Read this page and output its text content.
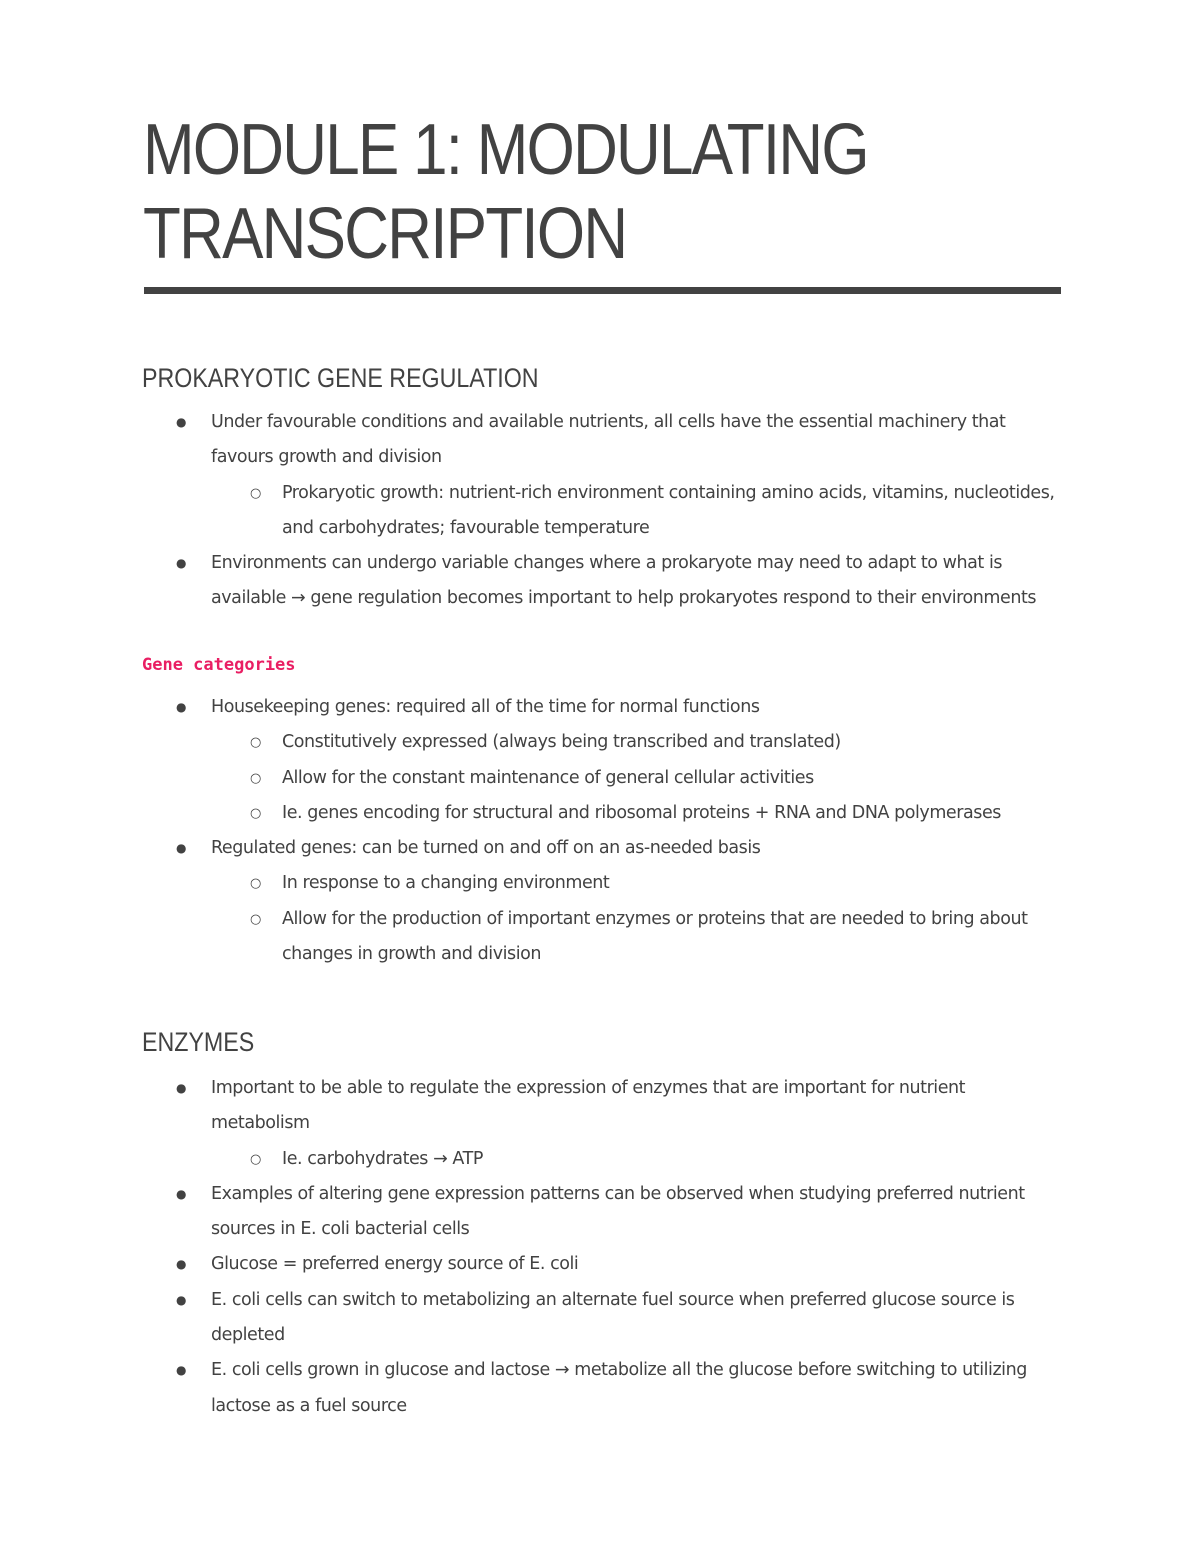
MODULE 1: MODULATING
TRANSCRIPTION
PROKARYOTIC GENE REGULATION
● Under favourable conditions and available nutrients, all cells have the essential machinery that favours growth and division
○ Prokaryotic growth: nutrient-rich environment containing amino acids, vitamins, nucleotides, and carbohydrates; favourable temperature
● Environments can undergo variable changes where a prokaryote may need to adapt to what is available → gene regulation becomes important to help prokaryotes respond to their environments
Gene categories
● Housekeeping genes: required all of the time for normal functions
○ Constitutively expressed (always being transcribed and translated)
○ Allow for the constant maintenance of general cellular activities
○ Ie. genes encoding for structural and ribosomal proteins + RNA and DNA polymerases
● Regulated genes: can be turned on and off on an as-needed basis
○ In response to a changing environment
○ Allow for the production of important enzymes or proteins that are needed to bring about changes in growth and division
ENZYMES
● Important to be able to regulate the expression of enzymes that are important for nutrient metabolism
○ Ie. carbohydrates → ATP
● Examples of altering gene expression patterns can be observed when studying preferred nutrient sources in E. coli bacterial cells
● Glucose = preferred energy source of E. coli
● E. coli cells can switch to metabolizing an alternate fuel source when preferred glucose source is depleted
● E. coli cells grown in glucose and lactose → metabolize all the glucose before switching to utilizing lactose as a fuel source
